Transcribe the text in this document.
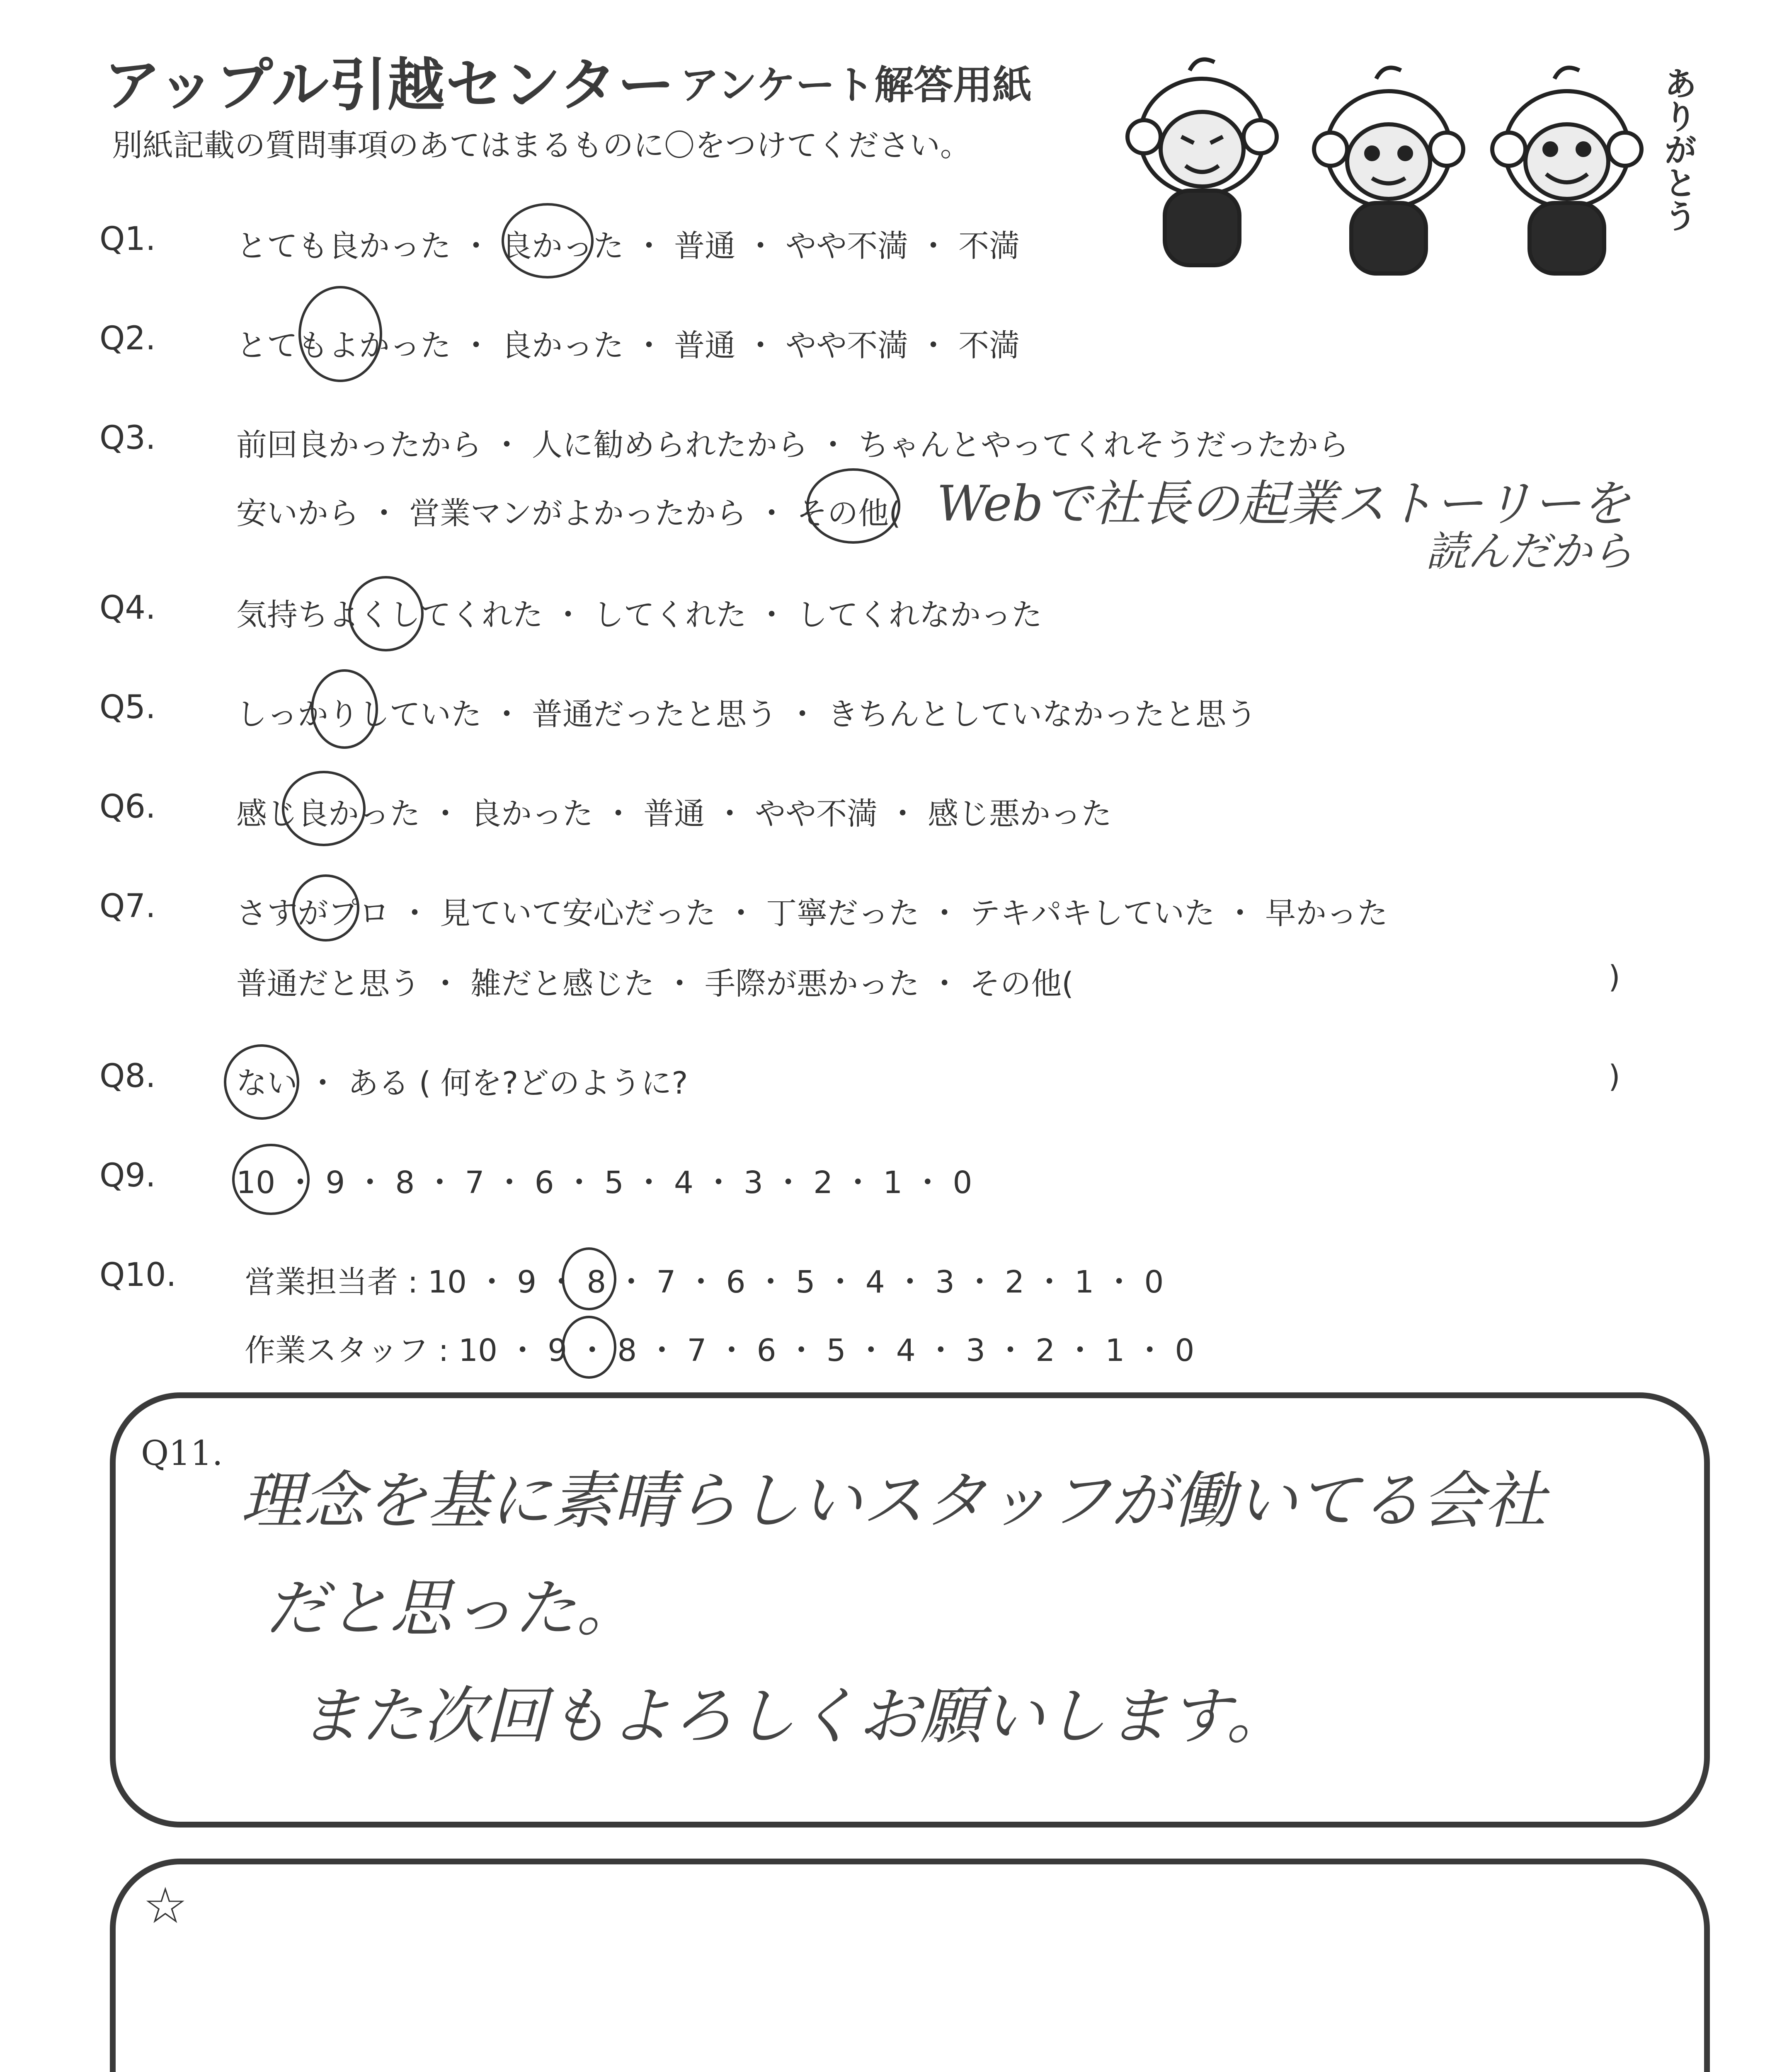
アップル引越センター アンケート解答用紙
別紙記載の質問事項のあてはまるものに〇をつけてください。	ありがとう
Q1.	とても良かった ・ 良かった ・ 普通 ・ やや不満 ・ 不満
Q2.	とてもよかった ・ 良かった ・ 普通 ・ やや不満 ・ 不満
Q3.	前回良かったから ・ 人に勧められたから ・ ちゃんとやってくれそうだったから
安いから ・ 営業マンがよかったから ・ その他( Webで社長の起業ストーリーを
読んだから
Q4.	気持ちよくしてくれた ・ してくれた ・ してくれなかった
Q5.	しっかりしていた ・ 普通だったと思う ・ きちんとしていなかったと思う
Q6.	感じ良かった ・ 良かった ・ 普通 ・ やや不満 ・ 感じ悪かった
Q7.	さすがプロ ・ 見ていて安心だった ・ 丁寧だった ・ テキパキしていた ・ 早かった
普通だと思う ・ 雑だと感じた ・ 手際が悪かった ・ その他(	)
Q8.	ない ・ ある ( 何を?どのように?	)
Q9.	10 ・ 9 ・ 8 ・ 7 ・ 6 ・ 5 ・ 4 ・ 3 ・ 2 ・ 1 ・ 0
Q10. 営業担当者 : 10 ・ 9 ・ 8 ・ 7 ・ 6 ・ 5 ・ 4 ・ 3 ・ 2 ・ 1 ・ 0
作業スタッフ : 10 ・ 9 ・ 8 ・ 7 ・ 6 ・ 5 ・ 4 ・ 3 ・ 2 ・ 1 ・ 0
Q11.
理念を基に素晴らしいスタッフが働いてる会社
だと思った。
また次回もよろしくお願いします。
☆
